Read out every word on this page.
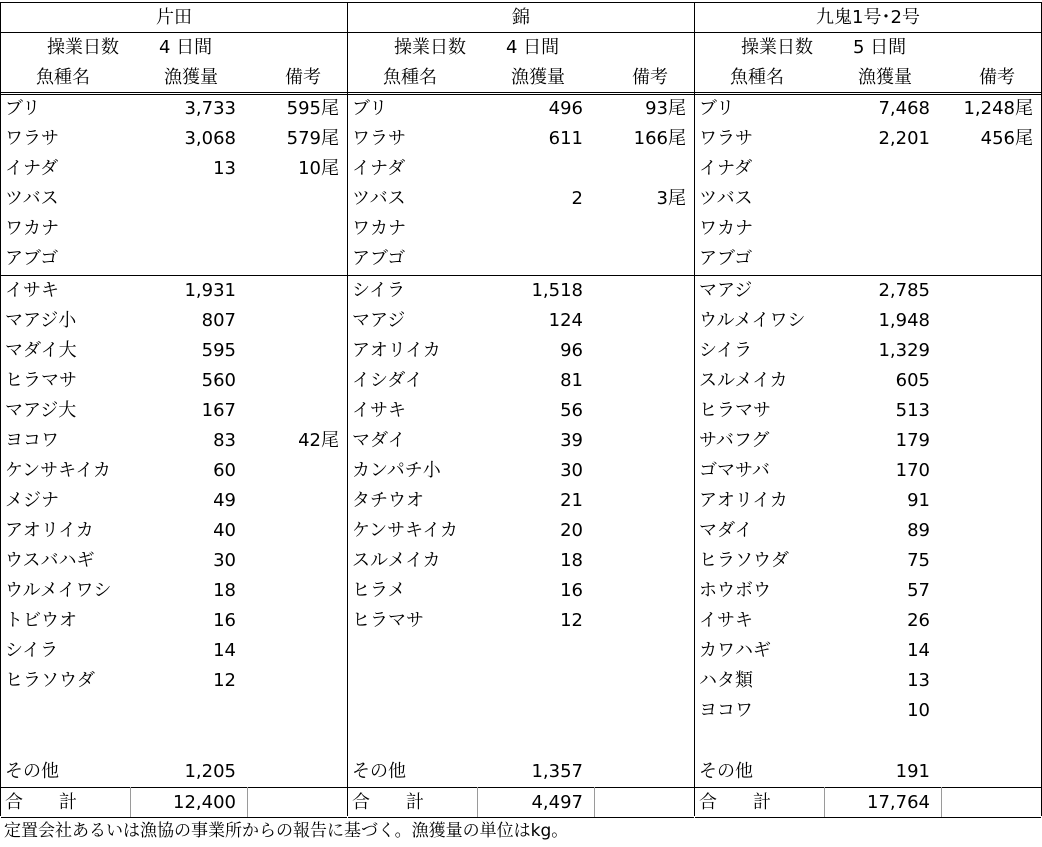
片田
操業日数	4 日間
魚種名	漁獲量	備考
ブリ	3,733	595尾
ワラサ	3,068	579尾
イナダ	13	10尾
ツバス
ワカナ
アブゴ
イサキ	1,931
マアジ小	807
マダイ大	595
ヒラマサ	560
マアジ大	167
ヨコワ	83	42尾
ケンサキイカ	60
メジナ	49
アオリイカ	40
ウスバハギ	30
ウルメイワシ	18
トビウオ	16
シイラ	14
ヒラソウダ	12
その他	1,205
合　　計	12,400
錦
操業日数	4 日間
魚種名	漁獲量	備考
ブリ	496	93尾
ワラサ	611	166尾
イナダ
ツバス	2	3尾
ワカナ
アブゴ
シイラ	1,518
マアジ	124
アオリイカ	96
イシダイ	81
イサキ	56
マダイ	39
カンパチ小	30
タチウオ	21
ケンサキイカ	20
スルメイカ	18
ヒラメ	16
ヒラマサ	12
その他	1,357
合　　計	4,497
九鬼1号･2号
操業日数	5 日間
魚種名	漁獲量	備考
ブリ	7,468	1,248尾
ワラサ	2,201	456尾
イナダ
ツバス
ワカナ
アブゴ
マアジ	2,785
ウルメイワシ	1,948
シイラ	1,329
スルメイカ	605
ヒラマサ	513
サバフグ	179
ゴマサバ	170
アオリイカ	91
マダイ	89
ヒラソウダ	75
ホウボウ	57
イサキ	26
カワハギ	14
ハタ類	13
ヨコワ	10
その他	191
合　　計	17,764
定置会社あるいは漁協の事業所からの報告に基づく。漁獲量の単位はkg。
